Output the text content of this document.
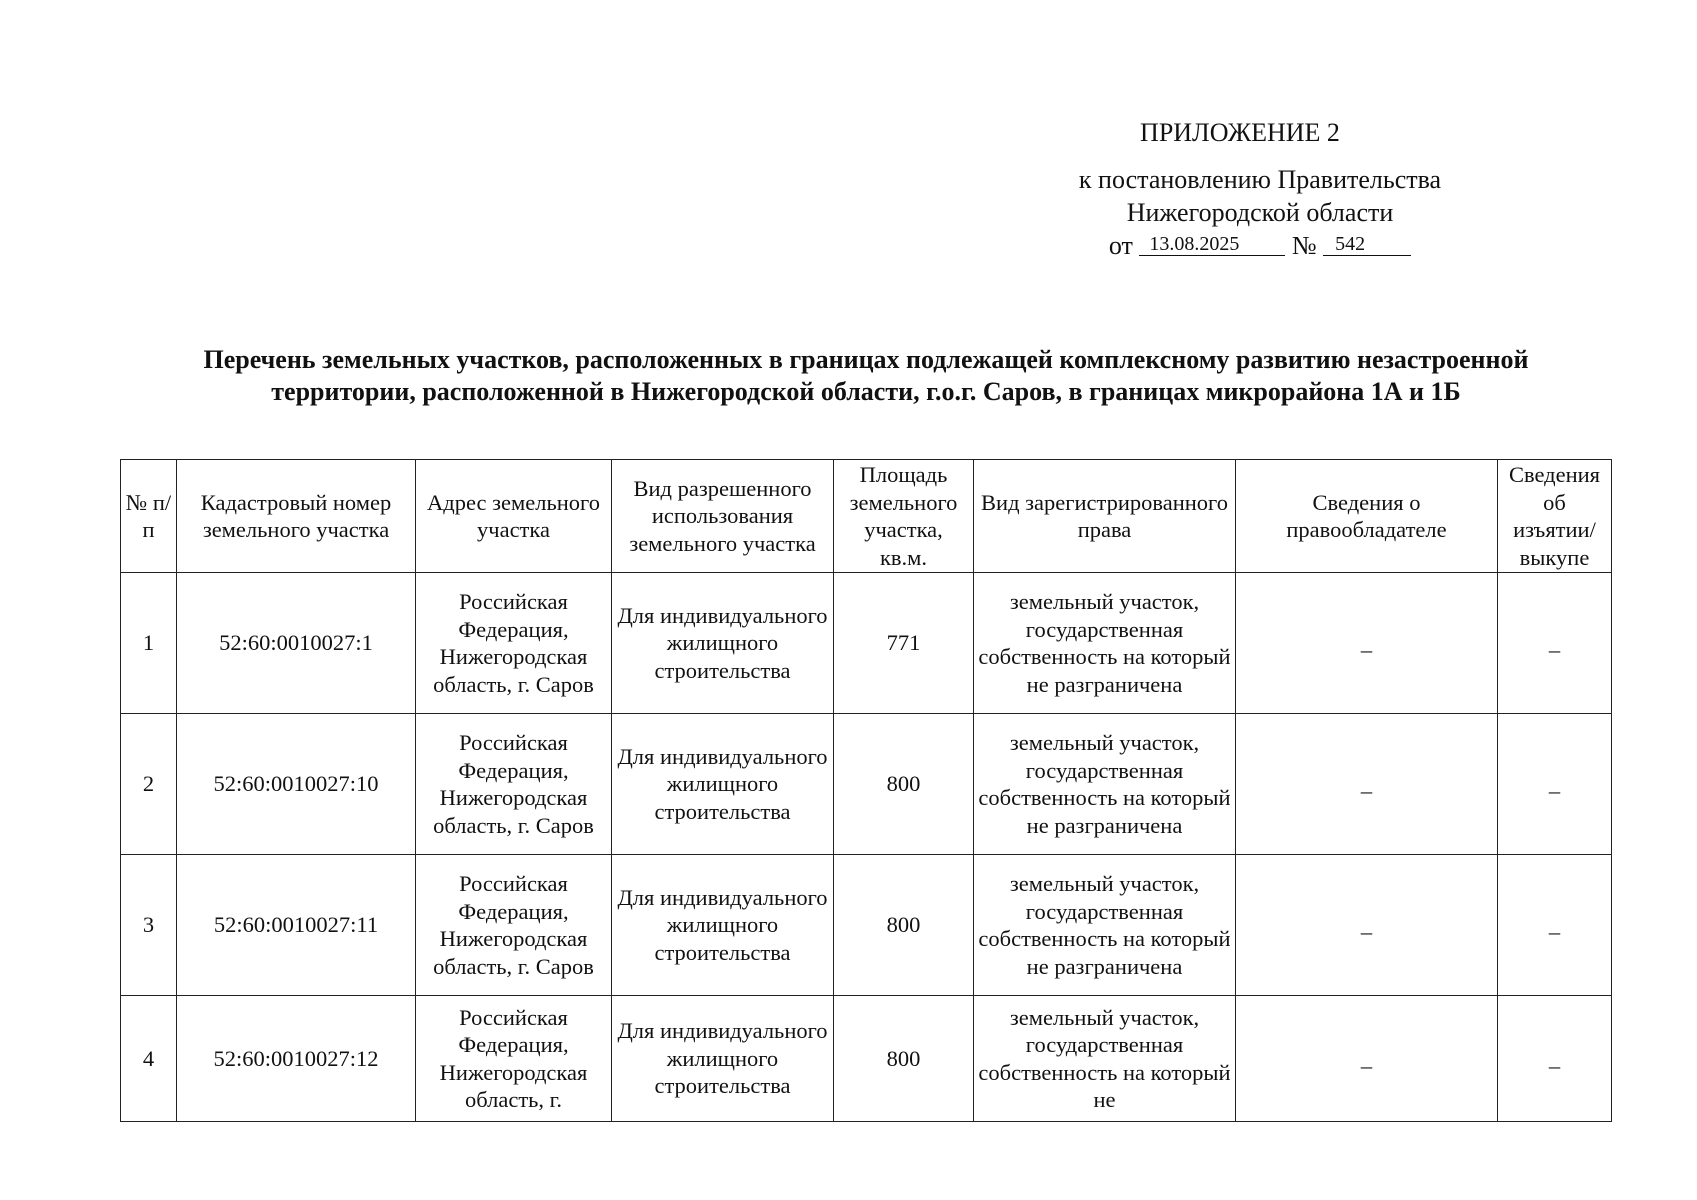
ПРИЛОЖЕНИЕ 2
к постановлению Правительства
Нижегородской области
от 13.08.2025 № 542
Перечень земельных участков, расположенных в границах подлежащей комплексному развитию незастроенной
территории, расположенной в Нижегородской области, г.о.г. Саров, в границах микрорайона 1А и 1Б
№ п/п	Кадастровый номер земельного участка	Адрес земельного участка	Вид разрешенного использования земельного участка	Площадь земельного участка, кв.м.	Вид зарегистрированного права	Сведения о правообладателе	Сведения об изъятии/ выкупе
1	52:60:0010027:1	Российская Федерация, Нижегородская область, г. Саров	Для индивидуального жилищного строительства	771	земельный участок, государственная собственность на который не разграничена	–	–
2	52:60:0010027:10	Российская Федерация, Нижегородская область, г. Саров	Для индивидуального жилищного строительства	800	земельный участок, государственная собственность на который не разграничена	–	–
3	52:60:0010027:11	Российская Федерация, Нижегородская область, г. Саров	Для индивидуального жилищного строительства	800	земельный участок, государственная собственность на который не разграничена	–	–
4	52:60:0010027:12	Российская Федерация, Нижегородская область, г.	Для индивидуального жилищного строительства	800	земельный участок, государственная собственность на который не	–	–
